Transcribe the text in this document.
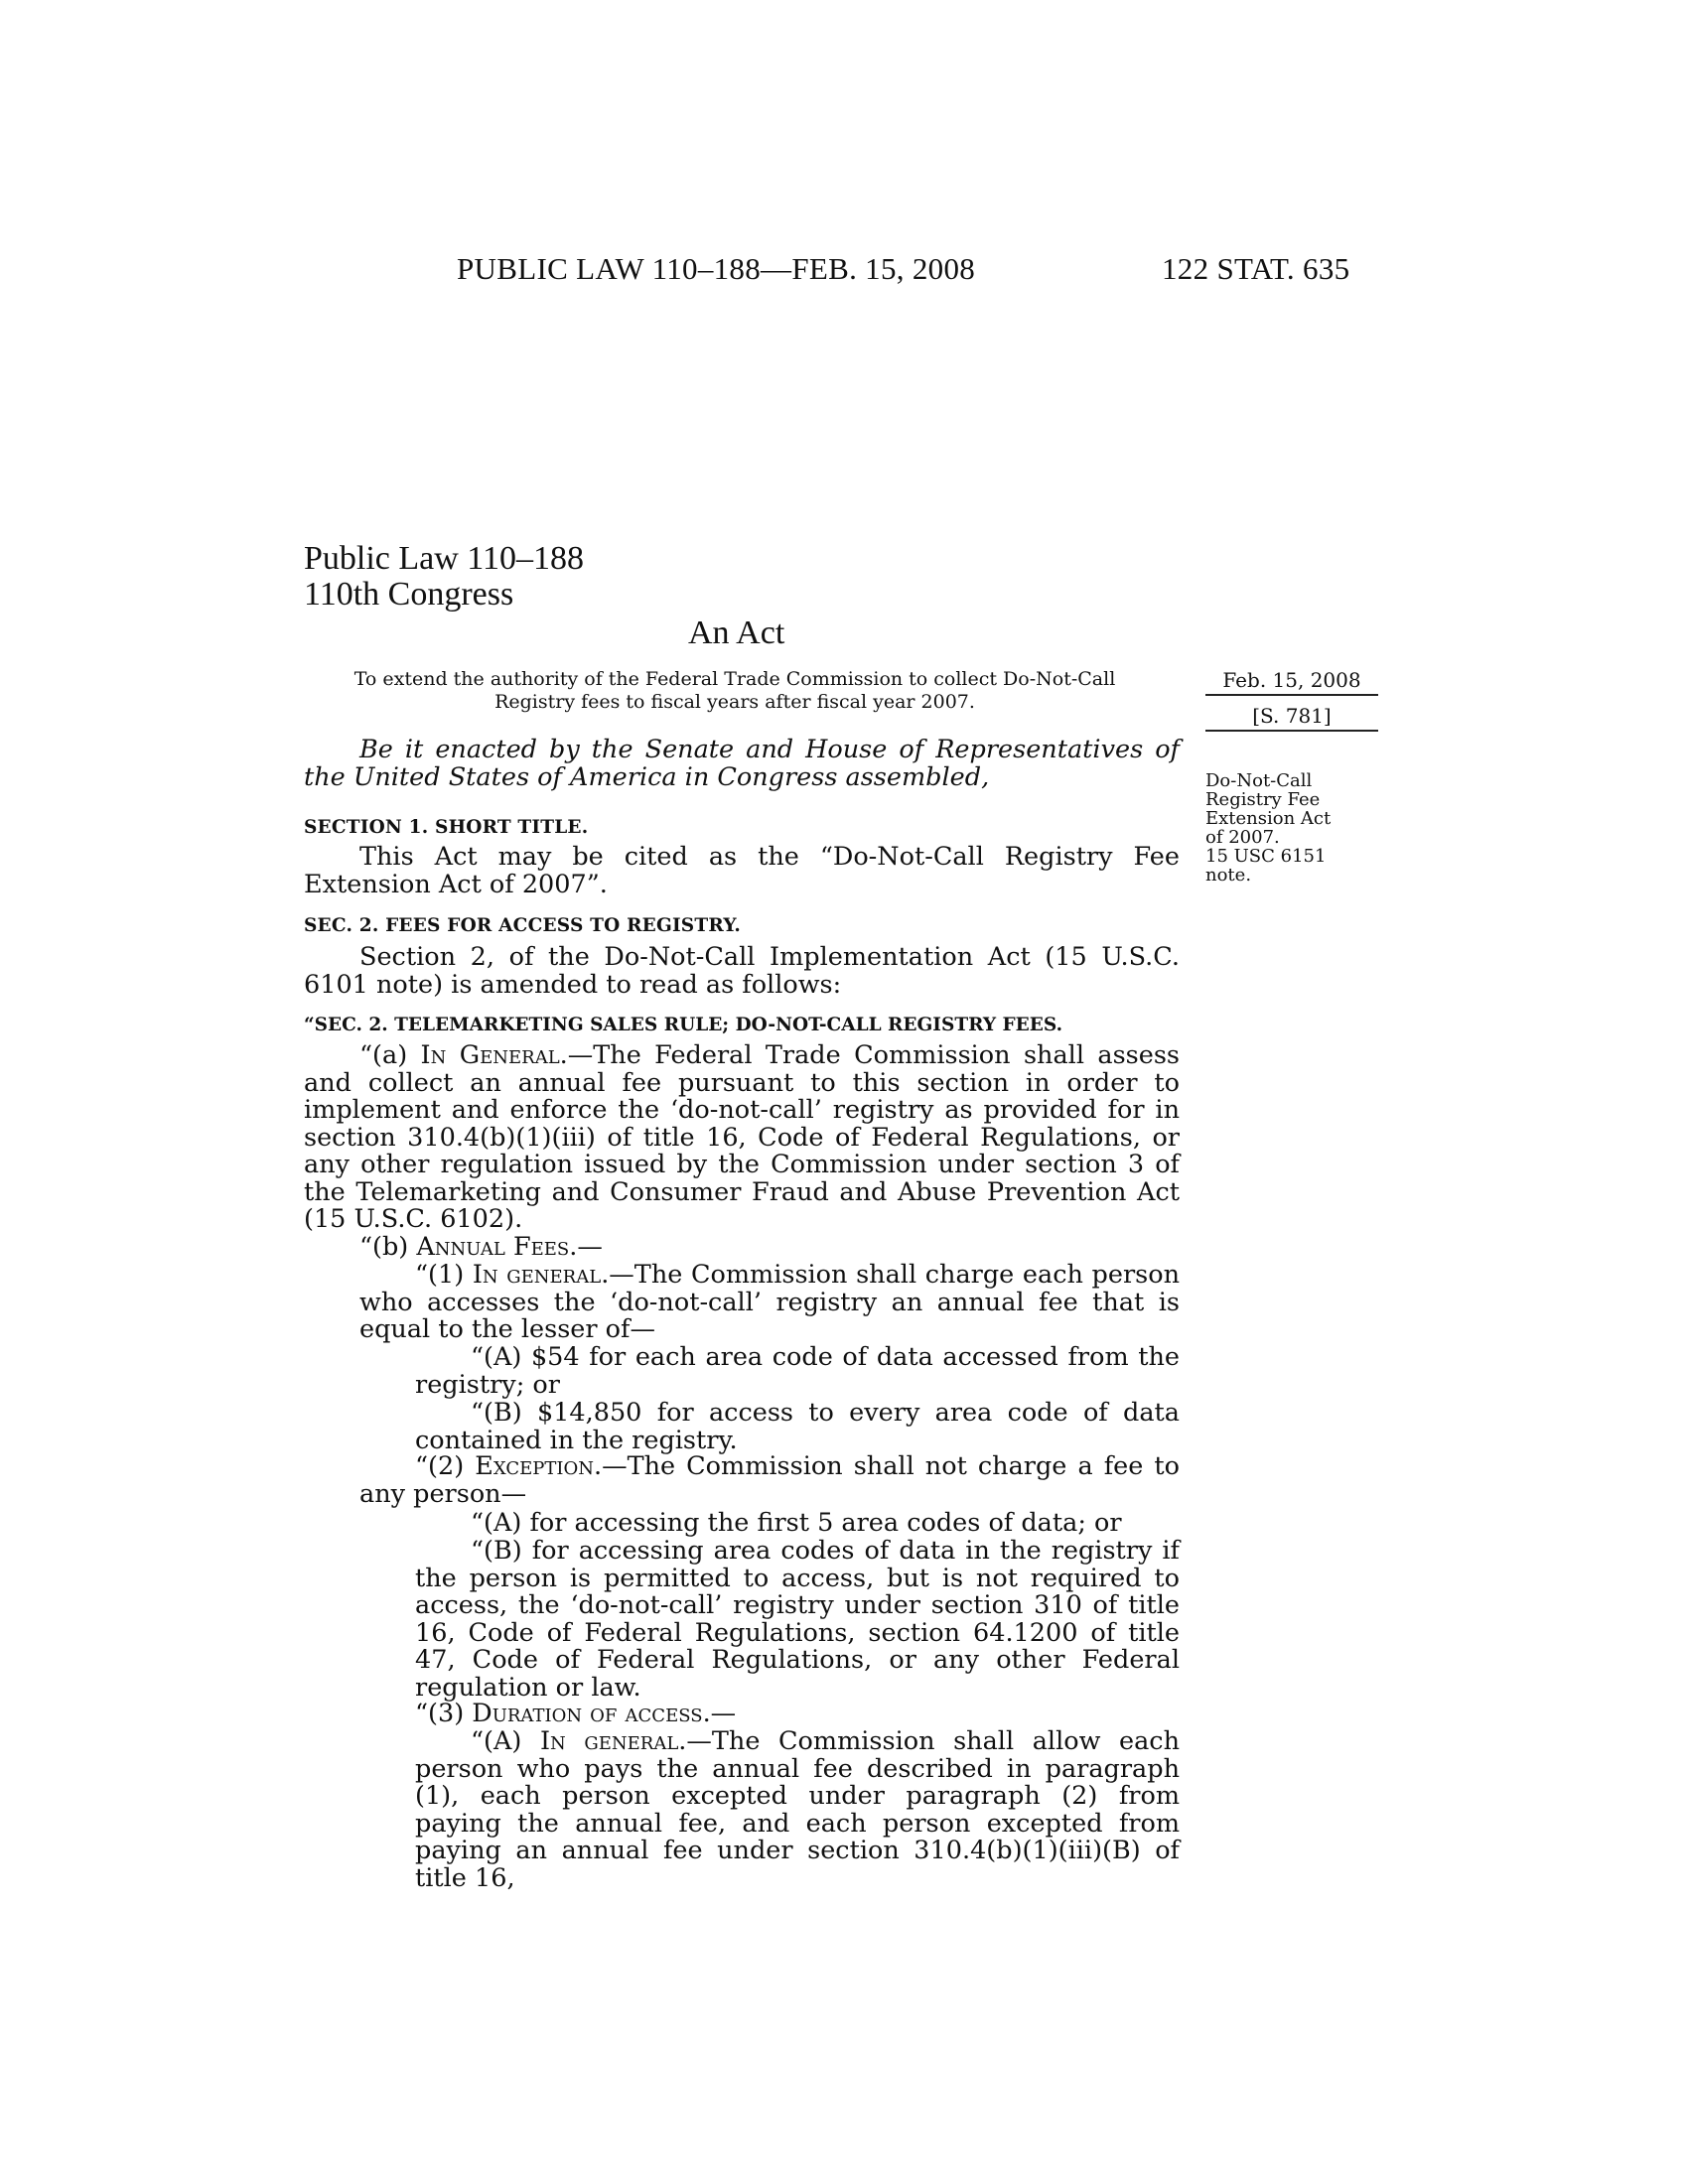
PUBLIC LAW 110–188—FEB. 15, 2008	122 STAT. 635
Public Law 110–188
110th Congress
An Act
To extend the authority of the Federal Trade Commission to collect Do-Not-Call
Registry fees to fiscal years after fiscal year 2007.
Feb. 15, 2008
[S. 781]
Do-Not-Call
Registry Fee
Extension Act
of 2007.
15 USC 6151
note.
Be it enacted by the Senate and House of Representatives of the United States of America in Congress assembled,
SECTION 1. SHORT TITLE.
This Act may be cited as the “Do-Not-Call Registry Fee Extension Act of 2007”.
SEC. 2. FEES FOR ACCESS TO REGISTRY.
Section 2, of the Do-Not-Call Implementation Act (15 U.S.C. 6101 note) is amended to read as follows:
“SEC. 2. TELEMARKETING SALES RULE; DO-NOT-CALL REGISTRY FEES.
“(a) In General.—The Federal Trade Commission shall assess and collect an annual fee pursuant to this section in order to implement and enforce the ‘do-not-call’ registry as provided for in section 310.4(b)(1)(iii) of title 16, Code of Federal Regulations, or any other regulation issued by the Commission under section 3 of the Telemarketing and Consumer Fraud and Abuse Prevention Act (15 U.S.C. 6102).
“(b) Annual Fees.—
“(1) In general.—The Commission shall charge each person who accesses the ‘do-not-call’ registry an annual fee that is equal to the lesser of—
“(A) $54 for each area code of data accessed from the registry; or
“(B) $14,850 for access to every area code of data contained in the registry.
“(2) Exception.—The Commission shall not charge a fee to any person—
“(A) for accessing the first 5 area codes of data; or
“(B) for accessing area codes of data in the registry if the person is permitted to access, but is not required to access, the ‘do-not-call’ registry under section 310 of title 16, Code of Federal Regulations, section 64.1200 of title 47, Code of Federal Regulations, or any other Federal regulation or law.
“(3) Duration of access.—
“(A) In general.—The Commission shall allow each person who pays the annual fee described in paragraph (1), each person excepted under paragraph (2) from paying the annual fee, and each person excepted from paying an annual fee under section 310.4(b)(1)(iii)(B) of title 16,
